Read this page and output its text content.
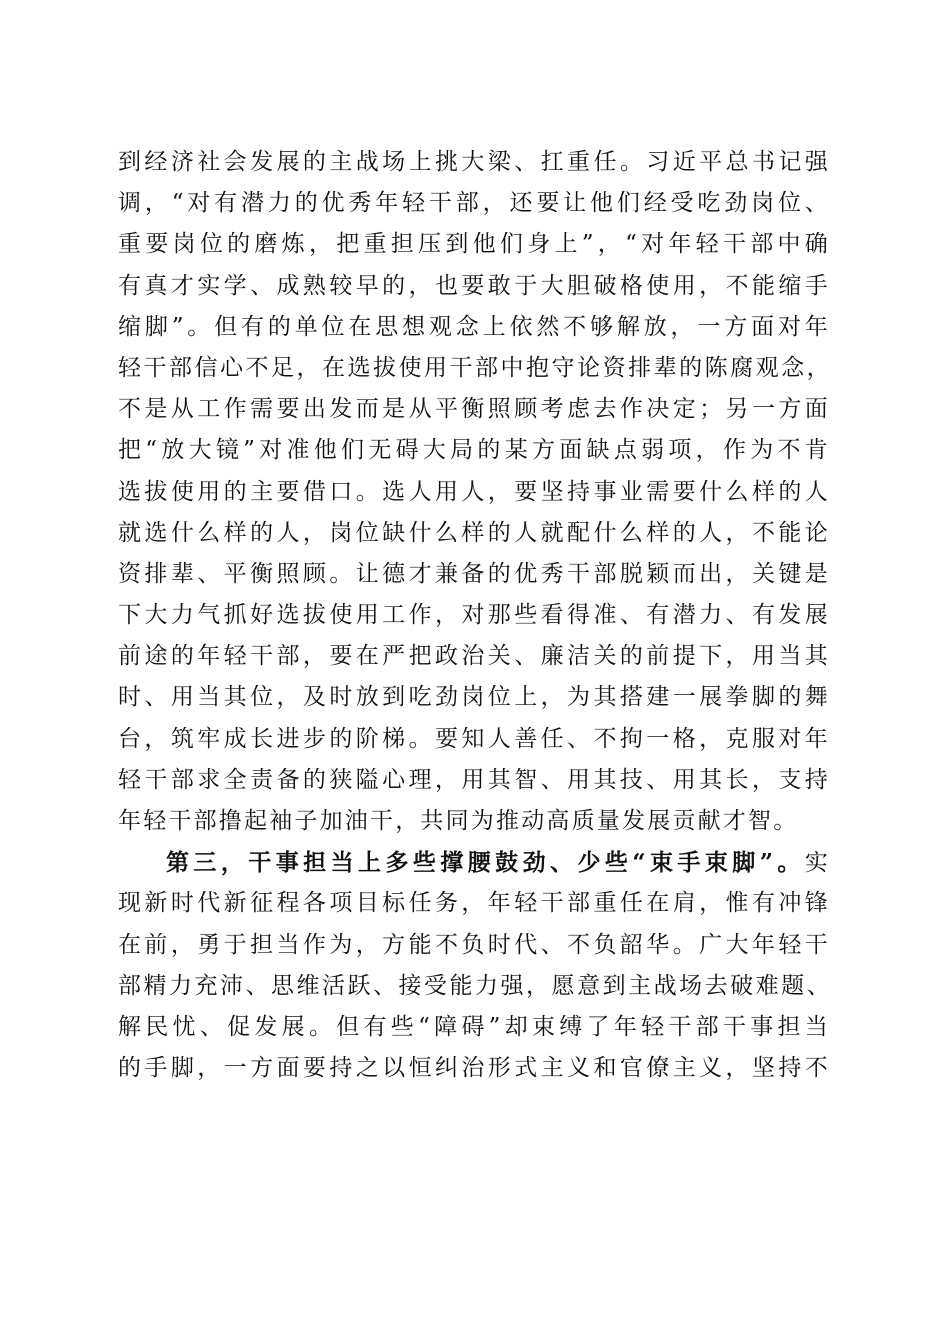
到经济社会发展的主战场上挑大梁、扛重任。习近平总书记强
调，“对有潜力的优秀年轻干部，还要让他们经受吃劲岗位、
重要岗位的磨炼，把重担压到他们身上”，“对年轻干部中确
有真才实学、成熟较早的，也要敢于大胆破格使用，不能缩手
缩脚”。但有的单位在思想观念上依然不够解放，一方面对年
轻干部信心不足，在选拔使用干部中抱守论资排辈的陈腐观念，
不是从工作需要出发而是从平衡照顾考虑去作决定；另一方面
把“放大镜”对准他们无碍大局的某方面缺点弱项，作为不肯
选拔使用的主要借口。选人用人，要坚持事业需要什么样的人
就选什么样的人，岗位缺什么样的人就配什么样的人，不能论
资排辈、平衡照顾。让德才兼备的优秀干部脱颖而出，关键是
下大力气抓好选拔使用工作，对那些看得准、有潜力、有发展
前途的年轻干部，要在严把政治关、廉洁关的前提下，用当其
时、用当其位，及时放到吃劲岗位上，为其搭建一展拳脚的舞
台，筑牢成长进步的阶梯。要知人善任、不拘一格，克服对年
轻干部求全责备的狭隘心理，用其智、用其技、用其长，支持
年轻干部撸起袖子加油干，共同为推动高质量发展贡献才智。
第三，干事担当上多些撑腰鼓劲、少些“束手束脚”。实
现新时代新征程各项目标任务，年轻干部重任在肩，惟有冲锋
在前，勇于担当作为，方能不负时代、不负韶华。广大年轻干
部精力充沛、思维活跃、接受能力强，愿意到主战场去破难题、
解民忧、促发展。但有些“障碍”却束缚了年轻干部干事担当
的手脚，一方面要持之以恒纠治形式主义和官僚主义，坚持不
